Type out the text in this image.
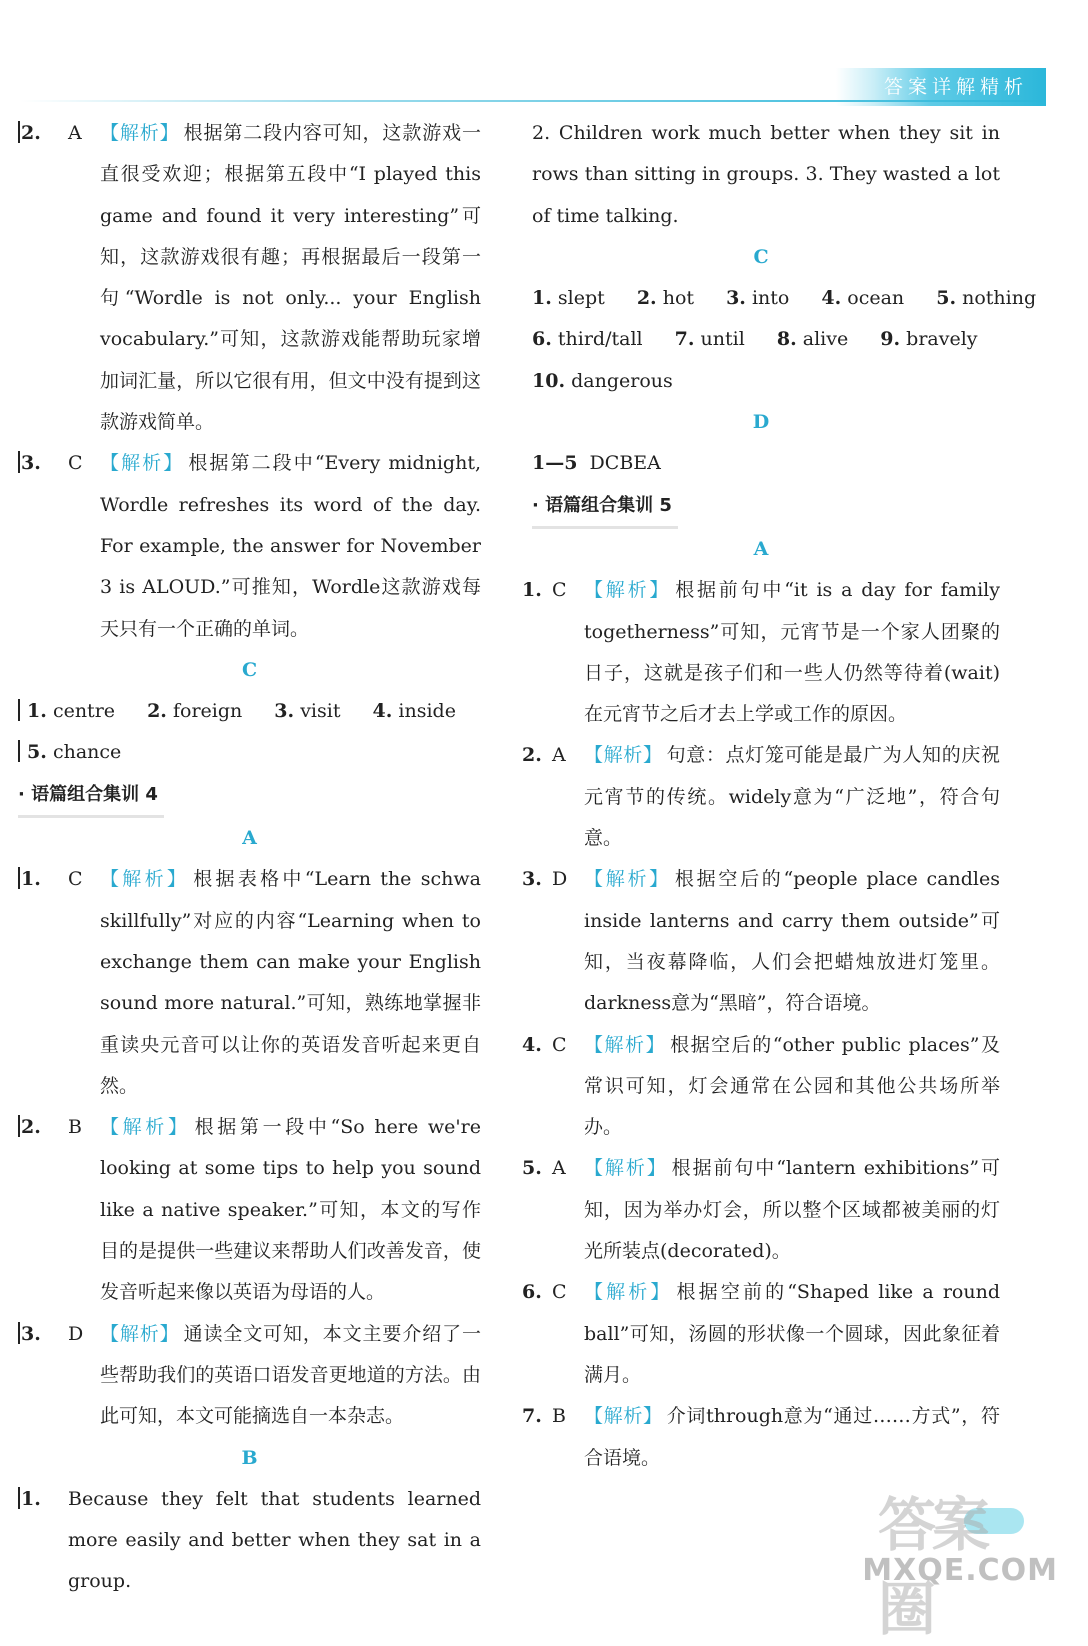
答案详解精析
2.	A 【解析】 根据第二段内容可知，这款游戏一直很受欢迎；根据第五段中“I played this game and found it very interesting”可知，这款游戏很有趣；再根据最后一段第一句“Wordle is not only... your English vocabulary.”可知，这款游戏能帮助玩家增加词汇量，所以它很有用，但文中没有提到这款游戏简单。
3.	C 【解析】 根据第二段中“Every midnight, Wordle refreshes its word of the day. For example, the answer for November 3 is ALOUD.”可推知，Wordle这款游戏每天只有一个正确的单词。
C
1. centre 2. foreign 3. visit 4. inside
5. chance
· 语篇组合集训 4
A
1.	C 【解析】 根据表格中“Learn the schwa skillfully”对应的内容“Learning when to exchange them can make your English sound more natural.”可知，熟练地掌握非重读央元音可以让你的英语发音听起来更自然。
2.	B 【解析】 根据第一段中“So here we're looking at some tips to help you sound like a native speaker.”可知，本文的写作目的是提供一些建议来帮助人们改善发音，使发音听起来像以英语为母语的人。
3.	D 【解析】 通读全文可知，本文主要介绍了一些帮助我们的英语口语发音更地道的方法。由此可知，本文可能摘选自一本杂志。
B
1.	Because they felt that students learned more easily and better when they sat in a group.
2. Children work much better when they sit in rows than sitting in groups. 3. They wasted a lot of time talking.
C
1. slept 2. hot 3. into 4. ocean 5. nothing
6. third/tall 7. until 8. alive 9. bravely
10. dangerous
D
1—5 DCBEA
· 语篇组合集训 5
A
1. C 【解析】 根据前句中“it is a day for family togetherness”可知，元宵节是一个家人团聚的日子，这就是孩子们和一些人仍然等待着(wait)在元宵节之后才去上学或工作的原因。
2. A 【解析】 句意：点灯笼可能是最广为人知的庆祝元宵节的传统。widely意为“广泛地”，符合句意。
3. D 【解析】 根据空后的“people place candles inside lanterns and carry them outside”可知，当夜幕降临，人们会把蜡烛放进灯笼里。darkness意为“黑暗”，符合语境。
4. C 【解析】 根据空后的“other public places”及常识可知，灯会通常在公园和其他公共场所举办。
5. A 【解析】 根据前句中“lantern exhibitions”可知，因为举办灯会，所以整个区域都被美丽的灯光所装点(decorated)。
6. C 【解析】 根据空前的“Shaped like a round ball”可知，汤圆的形状像一个圆球，因此象征着满月。
7. B 【解析】 介词through意为“通过……方式”，符合语境。
答案圈
MXQE.COM
